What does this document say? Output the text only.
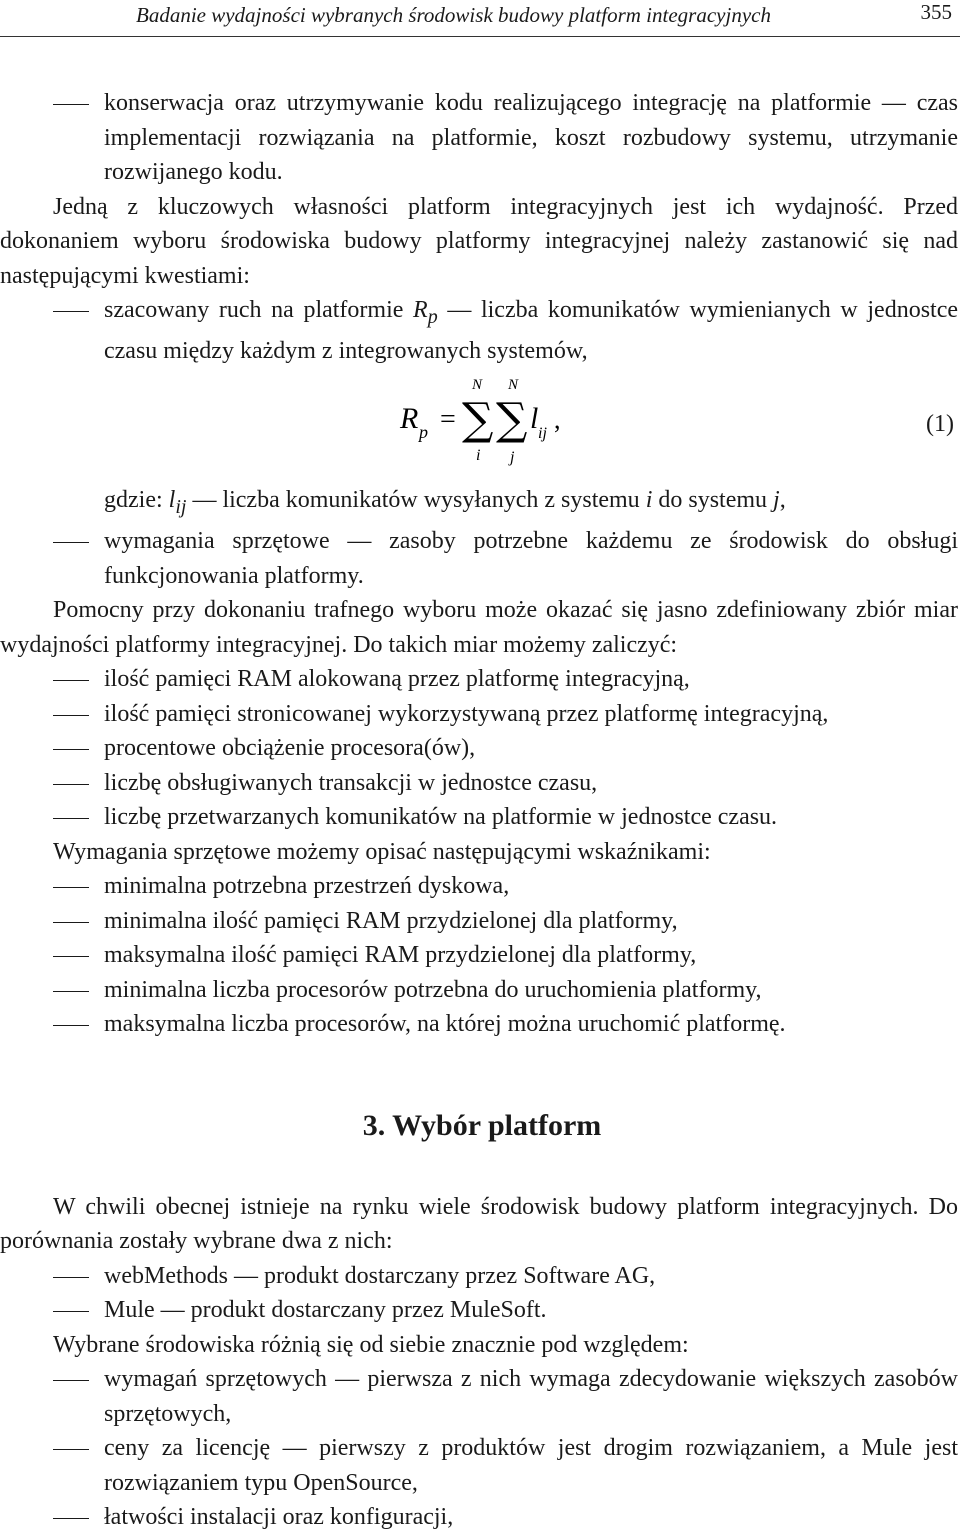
Badanie wydajności wybranych środowisk budowy platform integracyjnych	355

konserwacja oraz utrzymywanie kodu realizującego integrację na platformie — czas implementacji rozwiązania na platformie, koszt rozbudowy systemu, utrzymanie rozwijanego kodu.

Jedną z kluczowych własności platform integracyjnych jest ich wydajność. Przed dokonaniem wyboru środowiska budowy platformy integracyjnej należy zastanowić się nad następującymi kwestiami:

szacowany ruch na platformie $R_p$ — liczba komunikatów wymienianych w jednostce czasu między każdym z integrowanych systemów,

R p =
N
∑
i
N
∑
j
l ij ,	(1)

gdzie: $l_{ij}$ — liczba komunikatów wysyłanych z systemu i do systemu j,

wymagania sprzętowe — zasoby potrzebne każdemu ze środowisk do obsługi funkcjonowania platformy.

Pomocny przy dokonaniu trafnego wyboru może okazać się jasno zdefiniowany zbiór miar wydajności platformy integracyjnej. Do takich miar możemy zaliczyć:

ilość pamięci RAM alokowaną przez platformę integracyjną,

ilość pamięci stronicowanej wykorzystywaną przez platformę integracyjną,

procentowe obciążenie procesora(ów),

liczbę obsługiwanych transakcji w jednostce czasu,

liczbę przetwarzanych komunikatów na platformie w jednostce czasu.

Wymagania sprzętowe możemy opisać następującymi wskaźnikami:

minimalna potrzebna przestrzeń dyskowa,

minimalna ilość pamięci RAM przydzielonej dla platformy,

maksymalna ilość pamięci RAM przydzielonej dla platformy,

minimalna liczba procesorów potrzebna do uruchomienia platformy,

maksymalna liczba procesorów, na której można uruchomić platformę.

3. Wybór platform

W chwili obecnej istnieje na rynku wiele środowisk budowy platform integracyjnych. Do porównania zostały wybrane dwa z nich:

webMethods — produkt dostarczany przez Software AG,

Mule — produkt dostarczany przez MuleSoft.

Wybrane środowiska różnią się od siebie znacznie pod względem:

wymagań sprzętowych — pierwsza z nich wymaga zdecydowanie większych zasobów sprzętowych,

ceny za licencję — pierwszy z produktów jest drogim rozwiązaniem, a Mule jest rozwiązaniem typu OpenSource,

łatwości instalacji oraz konfiguracji,
